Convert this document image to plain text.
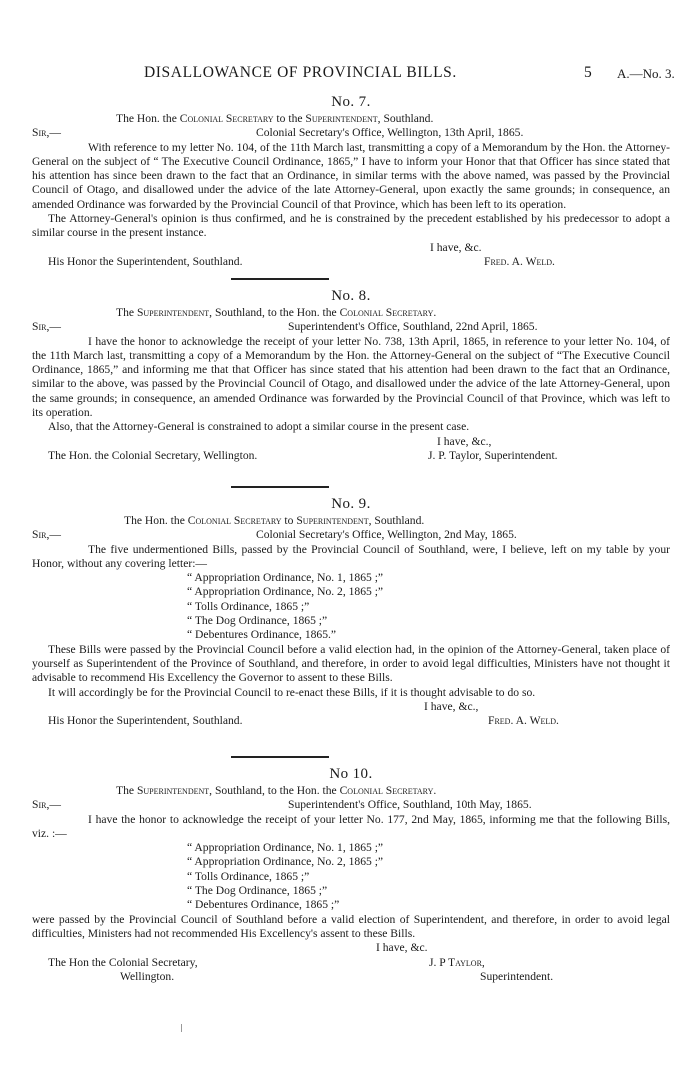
DISALLOWANCE OF PROVINCIAL BILLS.	5 A.—No. 3.
No. 7.
The Hon. the Colonial Secretary to the Superintendent, Southland.
Sir,—	Colonial Secretary's Office, Wellington, 13th April, 1865.
With reference to my letter No. 104, of the 11th March last, transmitting a copy of a Memorandum by the Hon. the Attorney-General on the subject of “ The Executive Council Ordinance, 1865,” I have to inform your Honor that that Officer has since stated that his attention has since been drawn to the fact that an Ordinance, in similar terms with the above named, was passed by the Provincial Council of Otago, and disallowed under the advice of the late Attorney-General, upon exactly the same grounds; in consequence, an amended Ordinance was forwarded by the Provincial Council of that Province, which has been left to its operation.
The Attorney-General's opinion is thus confirmed, and he is constrained by the precedent established by his predecessor to adopt a similar course in the present instance.
I have, &c.
His Honor the Superintendent, Southland.	Fred. A. Weld.
No. 8.
The Superintendent, Southland, to the Hon. the Colonial Secretary.
Sir,—	Superintendent's Office, Southland, 22nd April, 1865.
I have the honor to acknowledge the receipt of your letter No. 738, 13th April, 1865, in reference to your letter No. 104, of the 11th March last, transmitting a copy of a Memorandum by the Hon. the Attorney-General on the subject of “The Executive Council Ordinance, 1865,” and informing me that that Officer has since stated that his attention had been drawn to the fact that an Ordinance, similar to the above, was passed by the Provincial Council of Otago, and disallowed under the advice of the late Attorney-General, upon the same grounds; in consequence, an amended Ordinance was forwarded by the Provincial Council of that Province, which was left to its operation.
Also, that the Attorney-General is constrained to adopt a similar course in the present case.
I have, &c.,
The Hon. the Colonial Secretary, Wellington.	J. P. Taylor, Superintendent.
No. 9.
The Hon. the Colonial Secretary to Superintendent, Southland.
Sir,—	Colonial Secretary's Office, Wellington, 2nd May, 1865.
The five undermentioned Bills, passed by the Provincial Council of Southland, were, I believe, left on my table by your Honor, without any covering letter:—
“ Appropriation Ordinance, No. 1, 1865 ;”
“ Appropriation Ordinance, No. 2, 1865 ;”
“ Tolls Ordinance, 1865 ;”
“ The Dog Ordinance, 1865 ;”
“ Debentures Ordinance, 1865.”
These Bills were passed by the Provincial Council before a valid election had, in the opinion of the Attorney-General, taken place of yourself as Superintendent of the Province of Southland, and therefore, in order to avoid legal difficulties, Ministers have not thought it advisable to recommend His Excellency the Governor to assent to these Bills.
It will accordingly be for the Provincial Council to re-enact these Bills, if it is thought advisable to do so.
I have, &c.,
His Honor the Superintendent, Southland.	Fred. A. Weld.
No 10.
The Superintendent, Southland, to the Hon. the Colonial Secretary.
Sir,—	Superintendent's Office, Southland, 10th May, 1865.
I have the honor to acknowledge the receipt of your letter No. 177, 2nd May, 1865, informing me that the following Bills, viz. :—
“ Appropriation Ordinance, No. 1, 1865 ;”
“ Appropriation Ordinance, No. 2, 1865 ;”
“ Tolls Ordinance, 1865 ;”
“ The Dog Ordinance, 1865 ;”
“ Debentures Ordinance, 1865 ;”
were passed by the Provincial Council of Southland before a valid election of Superintendent, and therefore, in order to avoid legal difficulties, Ministers had not recommended His Excellency's assent to these Bills.
I have, &c.
The Hon the Colonial Secretary,	J. P Taylor,
Wellington.	Superintendent.
